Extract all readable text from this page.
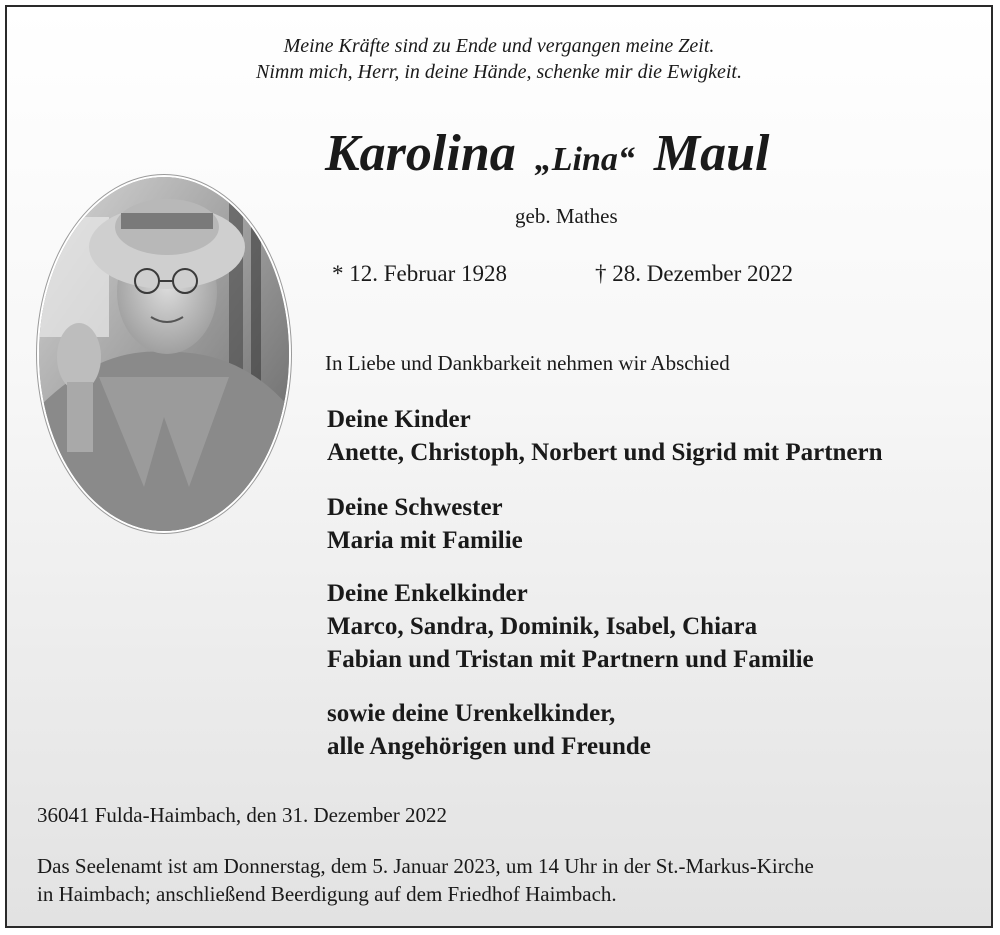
Meine Kräfte sind zu Ende und vergangen meine Zeit.
Nimm mich, Herr, in deine Hände, schenke mir die Ewigkeit.
Karolina „Lina“ Maul
geb. Mathes
* 12. Februar 1928	† 28. Dezember 2022
In Liebe und Dankbarkeit nehmen wir Abschied
Deine Kinder
Anette, Christoph, Norbert und Sigrid mit Partnern
Deine Schwester
Maria mit Familie
Deine Enkelkinder
Marco, Sandra, Dominik, Isabel, Chiara
Fabian und Tristan mit Partnern und Familie
sowie deine Urenkelkinder,
alle Angehörigen und Freunde
36041 Fulda-Haimbach, den 31. Dezember 2022
Das Seelenamt ist am Donnerstag, dem 5. Januar 2023, um 14 Uhr in der St.-Markus-Kirche
in Haimbach; anschließend Beerdigung auf dem Friedhof Haimbach.
